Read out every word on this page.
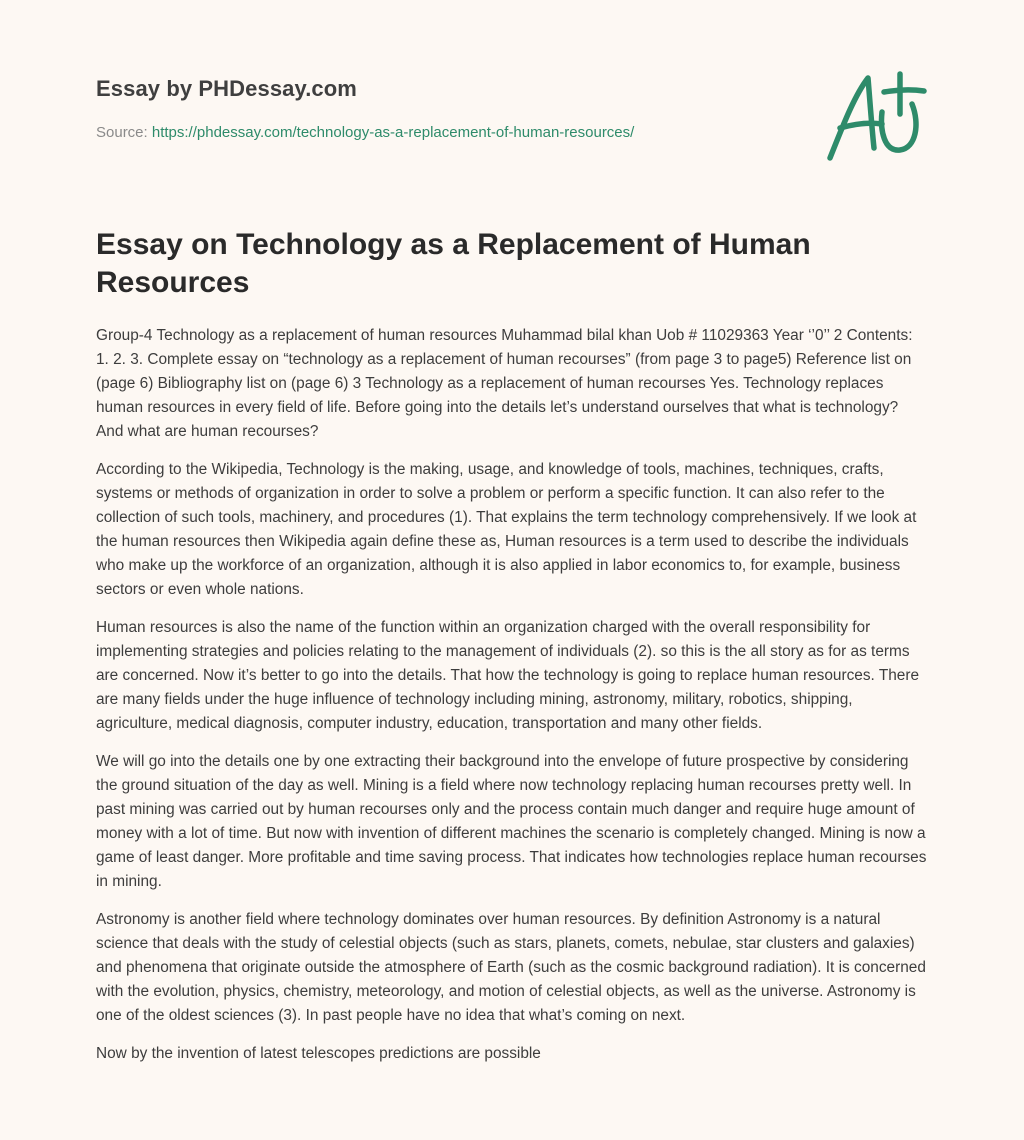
Essay by PHDessay.com
Source: https://phdessay.com/technology-as-a-replacement-of-human-resources/
Essay on Technology as a Replacement of Human Resources

Group-4 Technology as a replacement of human resources Muhammad bilal khan Uob # 11029363 Year ‘’0’’ 2 Contents: 1. 2. 3. Complete essay on “technology as a replacement of human recourses” (from page 3 to page5) Reference list on (page 6) Bibliography list on (page 6) 3 Technology as a replacement of human recourses Yes. Technology replaces human resources in every field of life. Before going into the details let’s understand ourselves that what is technology? And what are human recourses?

According to the Wikipedia, Technology is the making, usage, and knowledge of tools, machines, techniques, crafts, systems or methods of organization in order to solve a problem or perform a specific function. It can also refer to the collection of such tools, machinery, and procedures (1). That explains the term technology comprehensively. If we look at the human resources then Wikipedia again define these as, Human resources is a term used to describe the individuals who make up the workforce of an organization, although it is also applied in labor economics to, for example, business sectors or even whole nations.

Human resources is also the name of the function within an organization charged with the overall responsibility for implementing strategies and policies relating to the management of individuals (2). so this is the all story as for as terms are concerned. Now it’s better to go into the details. That how the technology is going to replace human resources. There are many fields under the huge influence of technology including mining, astronomy, military, robotics, shipping, agriculture, medical diagnosis, computer industry, education, transportation and many other fields.

We will go into the details one by one extracting their background into the envelope of future prospective by considering the ground situation of the day as well. Mining is a field where now technology replacing human recourses pretty well. In past mining was carried out by human recourses only and the process contain much danger and require huge amount of money with a lot of time. But now with invention of different machines the scenario is completely changed. Mining is now a game of least danger. More profitable and time saving process. That indicates how technologies replace human recourses in mining.

Astronomy is another field where technology dominates over human resources. By definition Astronomy is a natural science that deals with the study of celestial objects (such as stars, planets, comets, nebulae, star clusters and galaxies) and phenomena that originate outside the atmosphere of Earth (such as the cosmic background radiation). It is concerned with the evolution, physics, chemistry, meteorology, and motion of celestial objects, as well as the universe. Astronomy is one of the oldest sciences (3). In past people have no idea that what’s coming on next.

Now by the invention of latest telescopes predictions are possible
